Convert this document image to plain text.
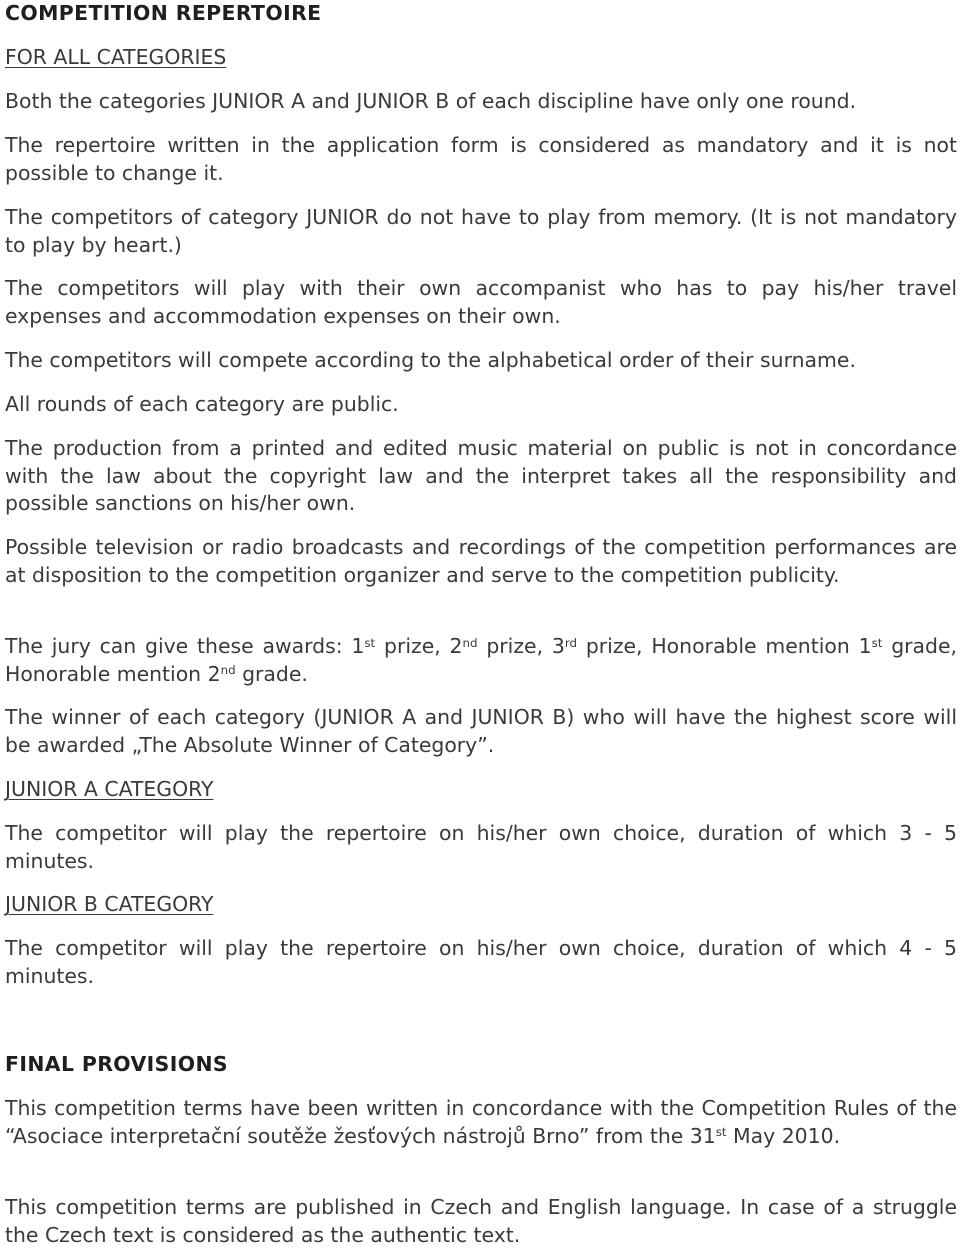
COMPETITION REPERTOIRE

FOR ALL CATEGORIES

Both the categories JUNIOR A and JUNIOR B of each discipline have only one round.

The repertoire written in the application form is considered as mandatory and it is not possible to change it.

The competitors of category JUNIOR do not have to play from memory. (It is not mandatory to play by heart.)

The competitors will play with their own accompanist who has to pay his/her travel expenses and accommodation expenses on their own.

The competitors will compete according to the alphabetical order of their surname.

All rounds of each category are public.

The production from a printed and edited music material on public is not in concordance with the law about the copyright law and the interpret takes all the responsibility and possible sanctions on his/her own.

Possible television or radio broadcasts and recordings of the competition performances are at disposition to the competition organizer and serve to the competition publicity.

The jury can give these awards: 1st prize, 2nd prize, 3rd prize, Honorable mention 1st grade, Honorable mention 2nd grade.

The winner of each category (JUNIOR A and JUNIOR B) who will have the highest score will be awarded „The Absolute Winner of Category”.

JUNIOR A CATEGORY

The competitor will play the repertoire on his/her own choice, duration of which 3 - 5 minutes.

JUNIOR B CATEGORY

The competitor will play the repertoire on his/her own choice, duration of which 4 - 5 minutes.

FINAL PROVISIONS

This competition terms have been written in concordance with the Competition Rules of the “Asociace interpretační soutěže žesťových nástrojů Brno” from the 31st May 2010.

This competition terms are published in Czech and English language. In case of a struggle the Czech text is considered as the authentic text.
